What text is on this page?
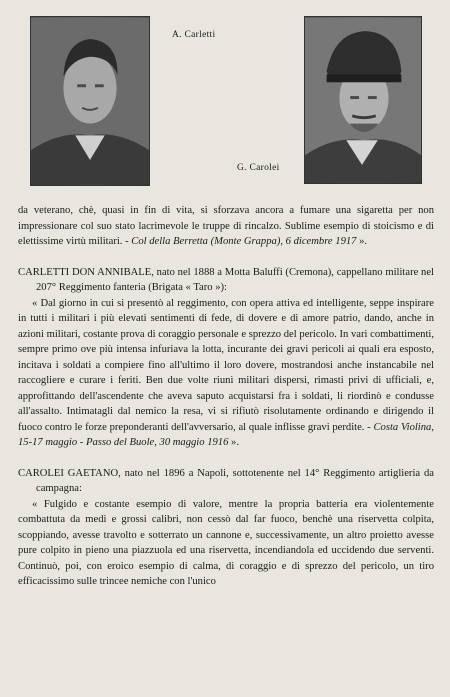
A. Carletti
G. Carolei

da veterano, chè, quasi in fin di vita, si sforzava ancora a fumare una sigaretta per non impressionare col suo stato lacrimevole le truppe di rincalzo. Sublime esempio di stoicismo e di elettissime virtù militari. - Col della Berretta (Monte Grappa), 6 dicembre 1917 ».

CARLETTI DON ANNIBALE, nato nel 1888 a Motta Baluffi (Cremona), cappellano militare nel 207° Reggimento fanteria (Brigata « Taro »):

« Dal giorno in cui si presentò al reggimento, con opera attiva ed intelligente, seppe inspirare in tutti i militari i più elevati sentimenti di fede, di dovere e di amore patrio, dando, anche in azioni militari, costante prova di coraggio personale e sprezzo del pericolo. In vari combattimenti, sempre primo ove più intensa infuriava la lotta, incurante dei gravi pericoli ai quali era esposto, incitava i soldati a compiere fino all'ultimo il loro dovere, mostrandosi anche instancabile nel raccogliere e curare i feriti. Ben due volte riunì militari dispersi, rimasti privi di ufficiali, e, approfittando dell'ascendente che aveva saputo acquistarsi fra i soldati, li riordinò e condusse all'assalto. Intimatagli dal nemico la resa, vi si rifiutò risolutamente ordinando e dirigendo il fuoco contro le forze preponderanti dell'avversario, al quale inflisse gravi perdite. - Costa Violina, 15-17 maggio - Passo del Buole, 30 maggio 1916 ».

CAROLEI GAETANO, nato nel 1896 a Napoli, sottotenente nel 14° Reggimento artiglieria da campagna:

« Fulgido e costante esempio di valore, mentre la propria batteria era violentemente combattuta da medi e grossi calibri, non cessò dal far fuoco, benchè una riservetta colpita, scoppiando, avesse travolto e sotterrato un cannone e, successivamente, un altro proietto avesse pure colpito in pieno una piazzuola ed una riservetta, incendiandola ed uccidendo due serventi. Continuò, poi, con eroico esempio di calma, di coraggio e di sprezzo del pericolo, un tiro efficacissimo sulle trincee nemiche con l'unico
